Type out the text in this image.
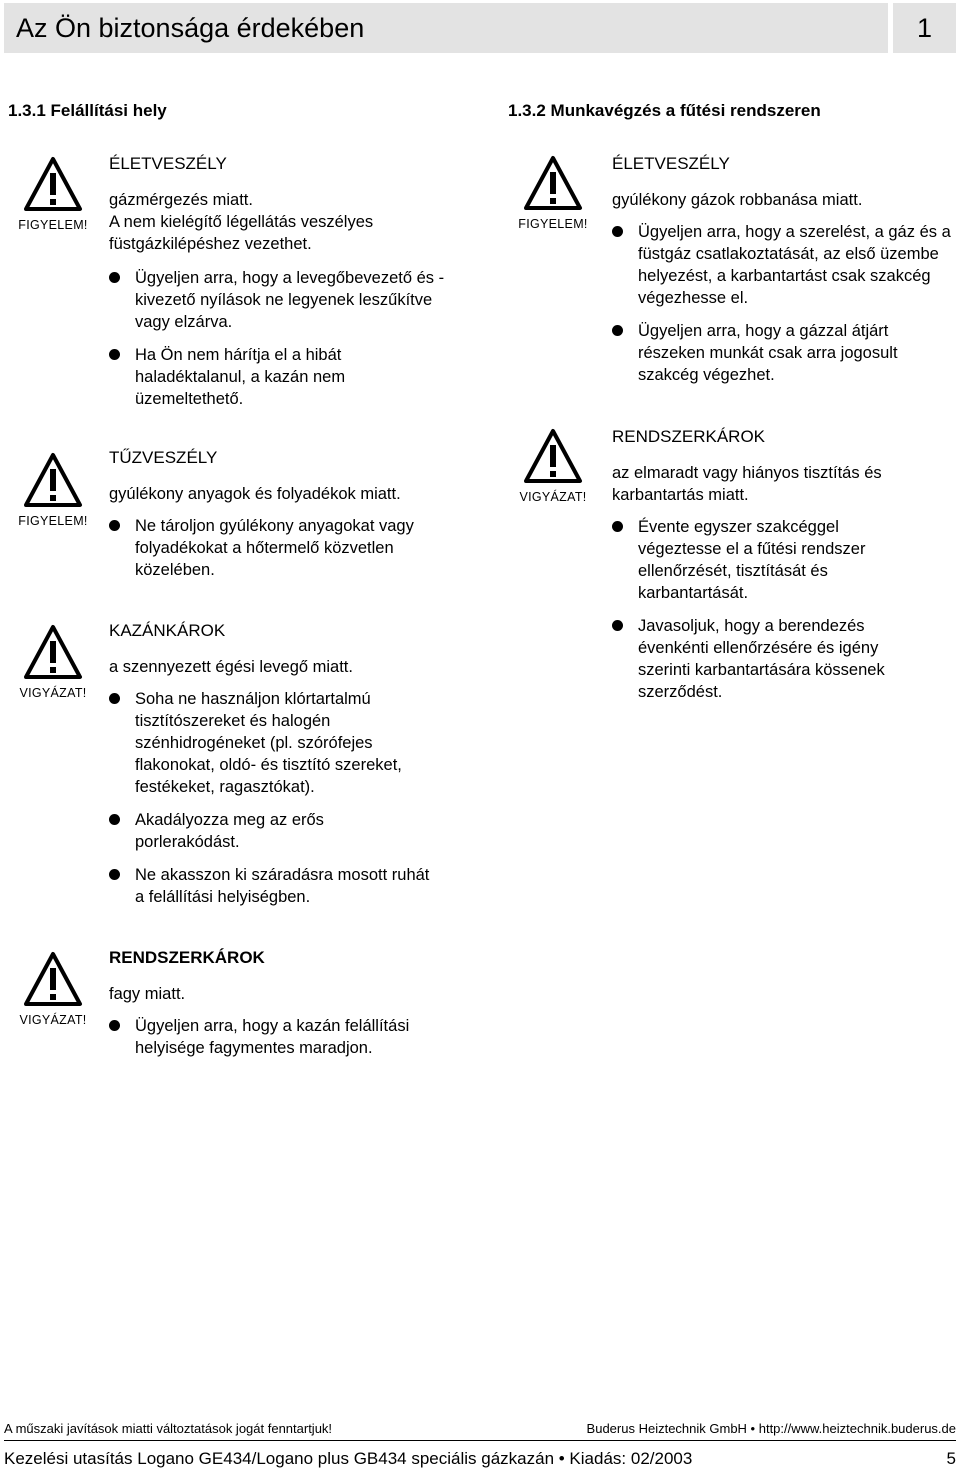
Az Ön biztonsága érdekében	1
1.3.1 Felállítási hely	1.3.2 Munkavégzés a fűtési rendszeren
FIGYELEM!
FIGYELEM!
VIGYÁZAT!
VIGYÁZAT!
FIGYELEM!
VIGYÁZAT!
ÉLETVESZÉLY
gázmérgezés miatt.
A nem kielégítő légellátás veszélyes füstgázkilépéshez vezethet.
Ügyeljen arra, hogy a levegőbevezető és -kivezető nyílások ne legyenek leszűkítve vagy elzárva.
Ha Ön nem hárítja el a hibát haladéktalanul, a kazán nem üzemeltethető.
TŰZVESZÉLY
gyúlékony anyagok és folyadékok miatt.
Ne tároljon gyúlékony anyagokat vagy folyadékokat a hőtermelő közvetlen közelében.
KAZÁNKÁROK
a szennyezett égési levegő miatt.
Soha ne használjon klórtartalmú tisztítószereket és halogén szénhidrogéneket (pl. szórófejes flakonokat, oldó- és tisztító szereket, festékeket, ragasztókat).
Akadályozza meg az erős porlerakódást.
Ne akasszon ki száradásra mosott ruhát a felállítási helyiségben.
RENDSZERKÁROK
fagy miatt.
Ügyeljen arra, hogy a kazán felállítási helyisége fagymentes maradjon.
ÉLETVESZÉLY
gyúlékony gázok robbanása miatt.
Ügyeljen arra, hogy a szerelést, a gáz és a füstgáz csatlakoztatását, az első üzembe helyezést, a karbantartást csak szakcég végezhesse el.
Ügyeljen arra, hogy a gázzal átjárt részeken munkát csak arra jogosult szakcég végezhet.
RENDSZERKÁROK
az elmaradt vagy hiányos tisztítás és karbantartás miatt.
Évente egyszer szakcéggel végeztesse el a fűtési rendszer ellenőrzését, tisztítását és karbantartását.
Javasoljuk, hogy a berendezés évenkénti ellenőrzésére és igény szerinti karbantartására kössenek szerződést.
A műszaki javítások miatti változtatások jogát fenntartjuk!	Buderus Heiztechnik GmbH • http://www.heiztechnik.buderus.de
Kezelési utasítás Logano GE434/Logano plus GB434 speciális gázkazán • Kiadás: 02/2003	5
